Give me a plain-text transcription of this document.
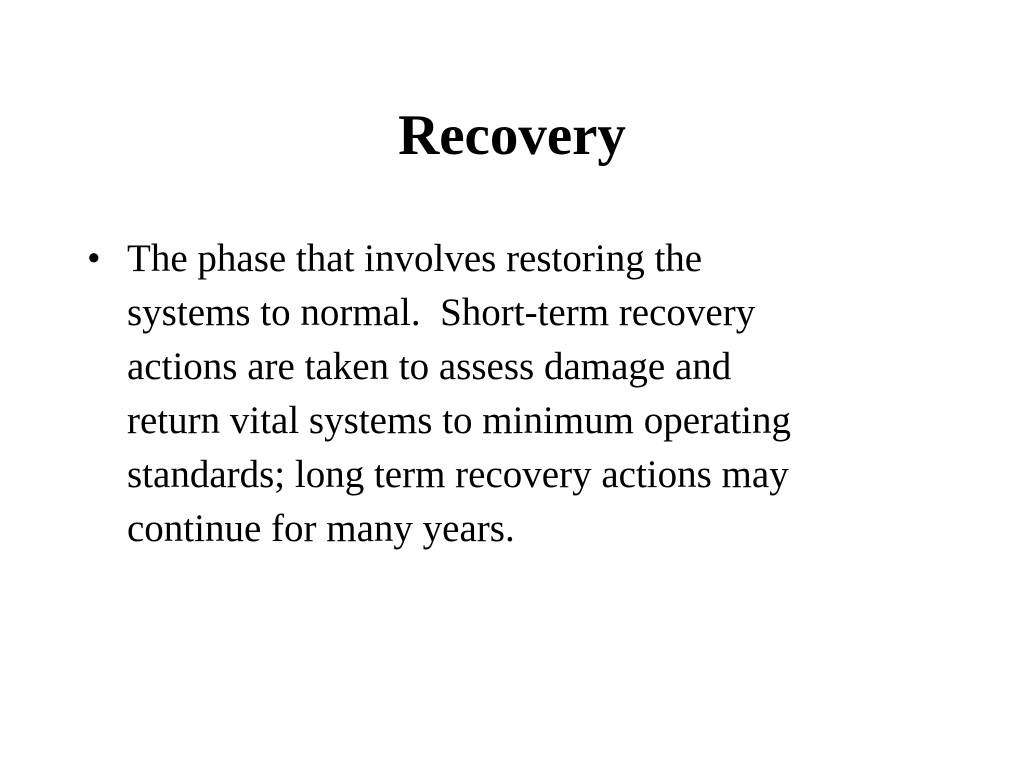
Recovery
• The phase that involves restoring the
systems to normal.  Short-term recovery
actions are taken to assess damage and
return vital systems to minimum operating
standards; long term recovery actions may
continue for many years.
